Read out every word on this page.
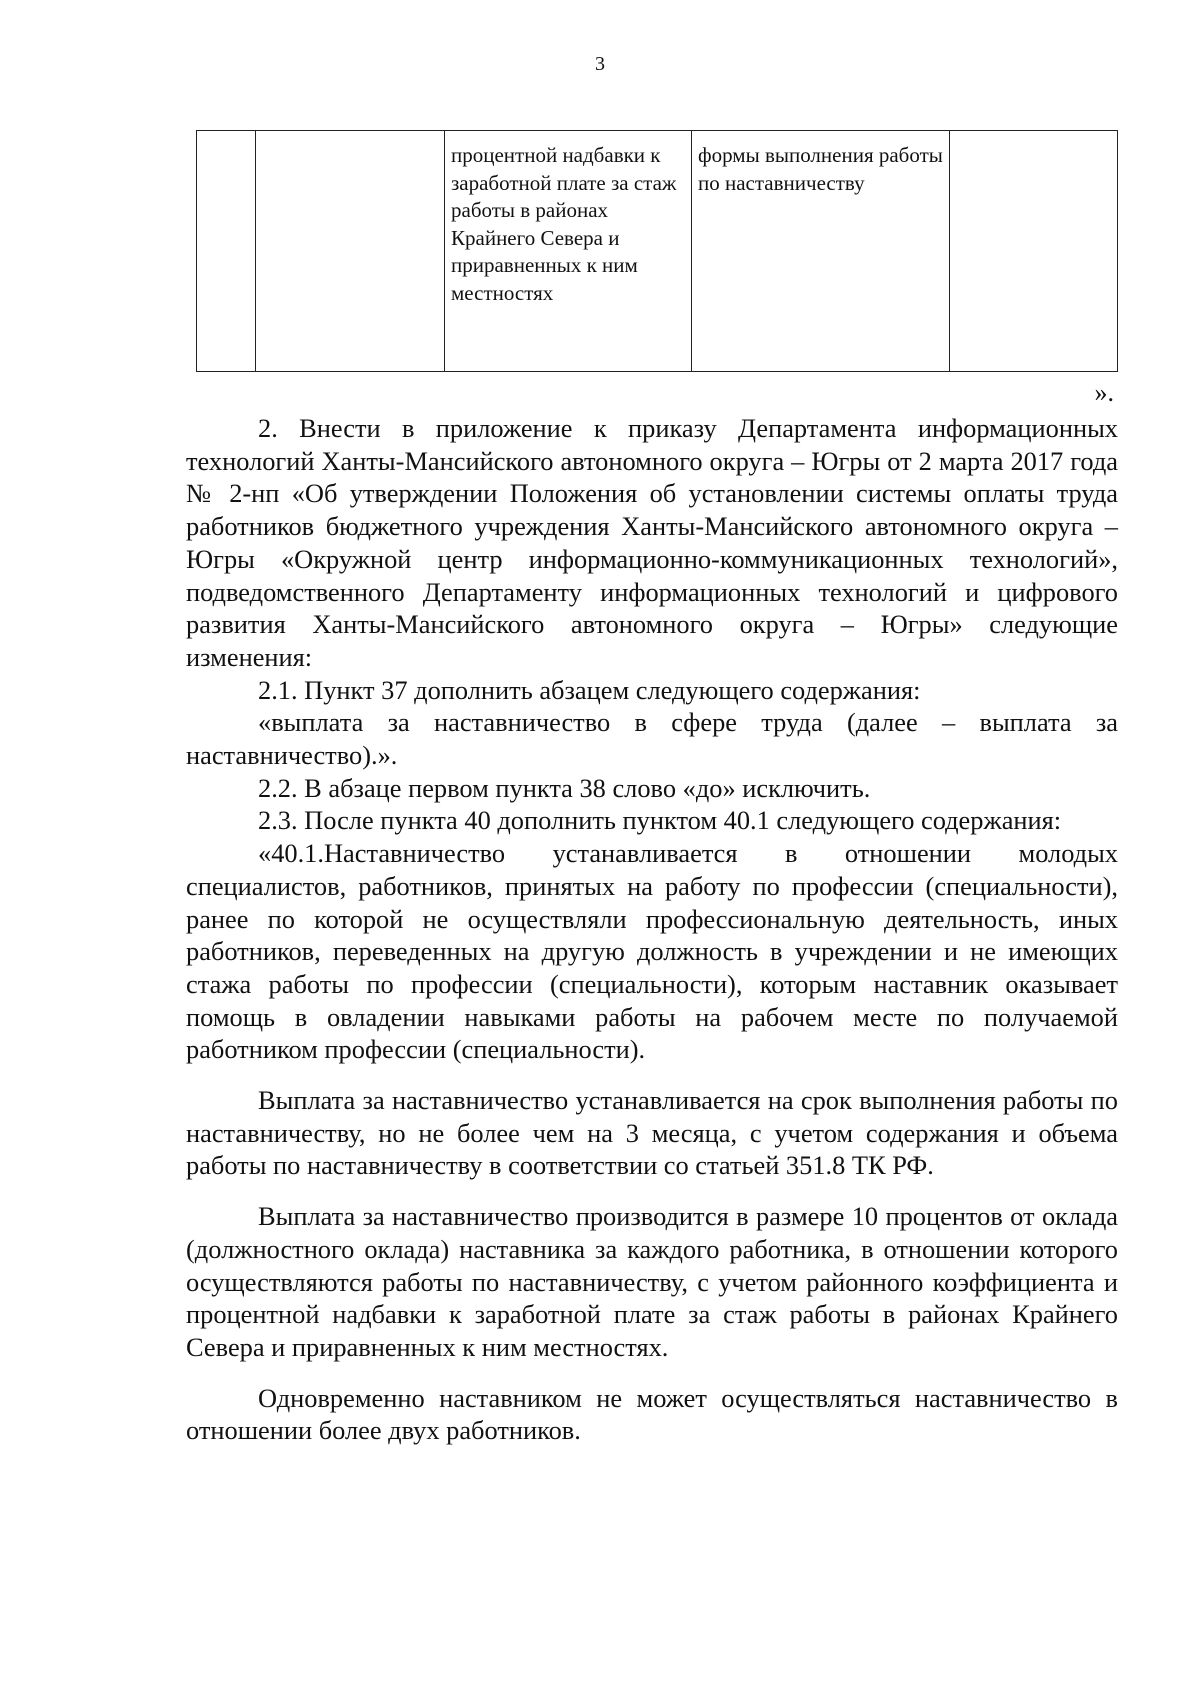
3
		процентной надбавки к заработной плате за стаж работы в районах Крайнего Севера и приравненных к ним местностях	формы выполнения работы по наставничеству	
».

2. Внести в приложение к приказу Департамента информационных технологий Ханты-Мансийского автономного округа – Югры от 2 марта 2017 года № 2-нп «Об утверждении Положения об установлении системы оплаты труда работников бюджетного учреждения Ханты-Мансийского автономного округа – Югры «Окружной центр информационно-коммуникационных технологий», подведомственного Департаменту информационных технологий и цифрового развития Ханты-Мансийского автономного округа – Югры» следующие изменения:

2.1. Пункт 37 дополнить абзацем следующего содержания:

«выплата за наставничество в сфере труда (далее – выплата за наставничество).».

2.2. В абзаце первом пункта 38 слово «до» исключить.

2.3. После пункта 40 дополнить пунктом 40.1 следующего содержания:

«40.1.Наставничество устанавливается в отношении молодых специалистов, работников, принятых на работу по профессии (специальности), ранее по которой не осуществляли профессиональную деятельность, иных работников, переведенных на другую должность в учреждении и не имеющих стажа работы по профессии (специальности), которым наставник оказывает помощь в овладении навыками работы на рабочем месте по получаемой работником профессии (специальности).

Выплата за наставничество устанавливается на срок выполнения работы по наставничеству, но не более чем на 3 месяца, с учетом содержания и объема работы по наставничеству в соответствии со статьей 351.8 ТК РФ.

Выплата за наставничество производится в размере 10 процентов от оклада (должностного оклада) наставника за каждого работника, в отношении которого осуществляются работы по наставничеству, с учетом районного коэффициента и процентной надбавки к заработной плате за стаж работы в районах Крайнего Севера и приравненных к ним местностях.

Одновременно наставником не может осуществляться наставничество в отношении более двух работников.
